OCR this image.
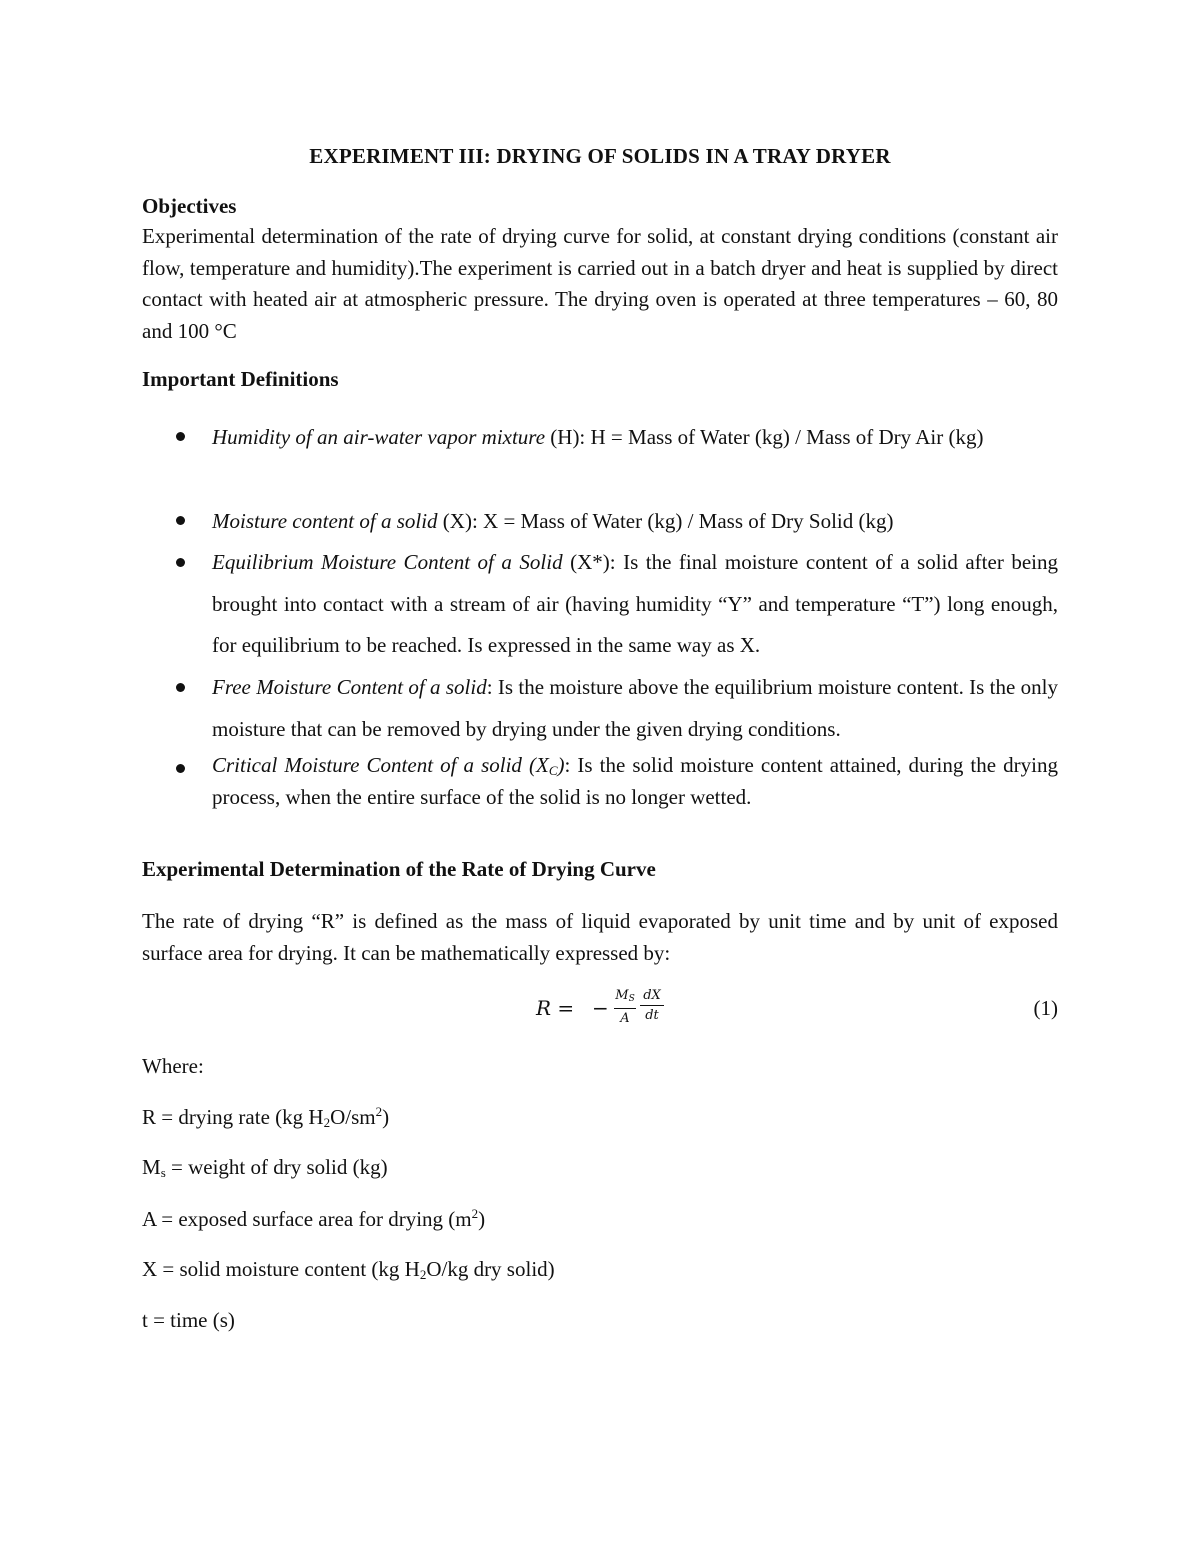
EXPERIMENT III: DRYING OF SOLIDS IN A TRAY DRYER
Objectives
Experimental determination of the rate of drying curve for solid, at constant drying conditions (constant air flow, temperature and humidity).The experiment is carried out in a batch dryer and heat is supplied by direct contact with heated air at atmospheric pressure. The drying oven is operated at three temperatures – 60, 80 and 100 °C
Important Definitions
Humidity of an air-water vapor mixture (H): H = Mass of Water (kg) / Mass of Dry Air (kg)
Moisture content of a solid (X): X = Mass of Water (kg) / Mass of Dry Solid (kg)
Equilibrium Moisture Content of a Solid (X*): Is the final moisture content of a solid after being brought into contact with a stream of air (having humidity “Y” and temperature “T”) long enough, for equilibrium to be reached. Is expressed in the same way as X.
Free Moisture Content of a solid: Is the moisture above the equilibrium moisture content. Is the only moisture that can be removed by drying under the given drying conditions.
Critical Moisture Content of a solid $(X_C)$: Is the solid moisture content attained, during the drying process, when the entire surface of the solid is no longer wetted.
Experimental Determination of the Rate of Drying Curve
The rate of drying “R” is defined as the mass of liquid evaporated by unit time and by unit of exposed surface area for drying. It can be mathematically expressed by:
R = − $\frac{M_S}{A} \frac{dX}{dt}$	(1)
Where:
R = drying rate (kg $H_2O/sm^2$)
$M_s$ = weight of dry solid (kg)
A = exposed surface area for drying $(m^2)$
X = solid moisture content (kg $H_2O/kg$ dry solid)
t = time (s)
